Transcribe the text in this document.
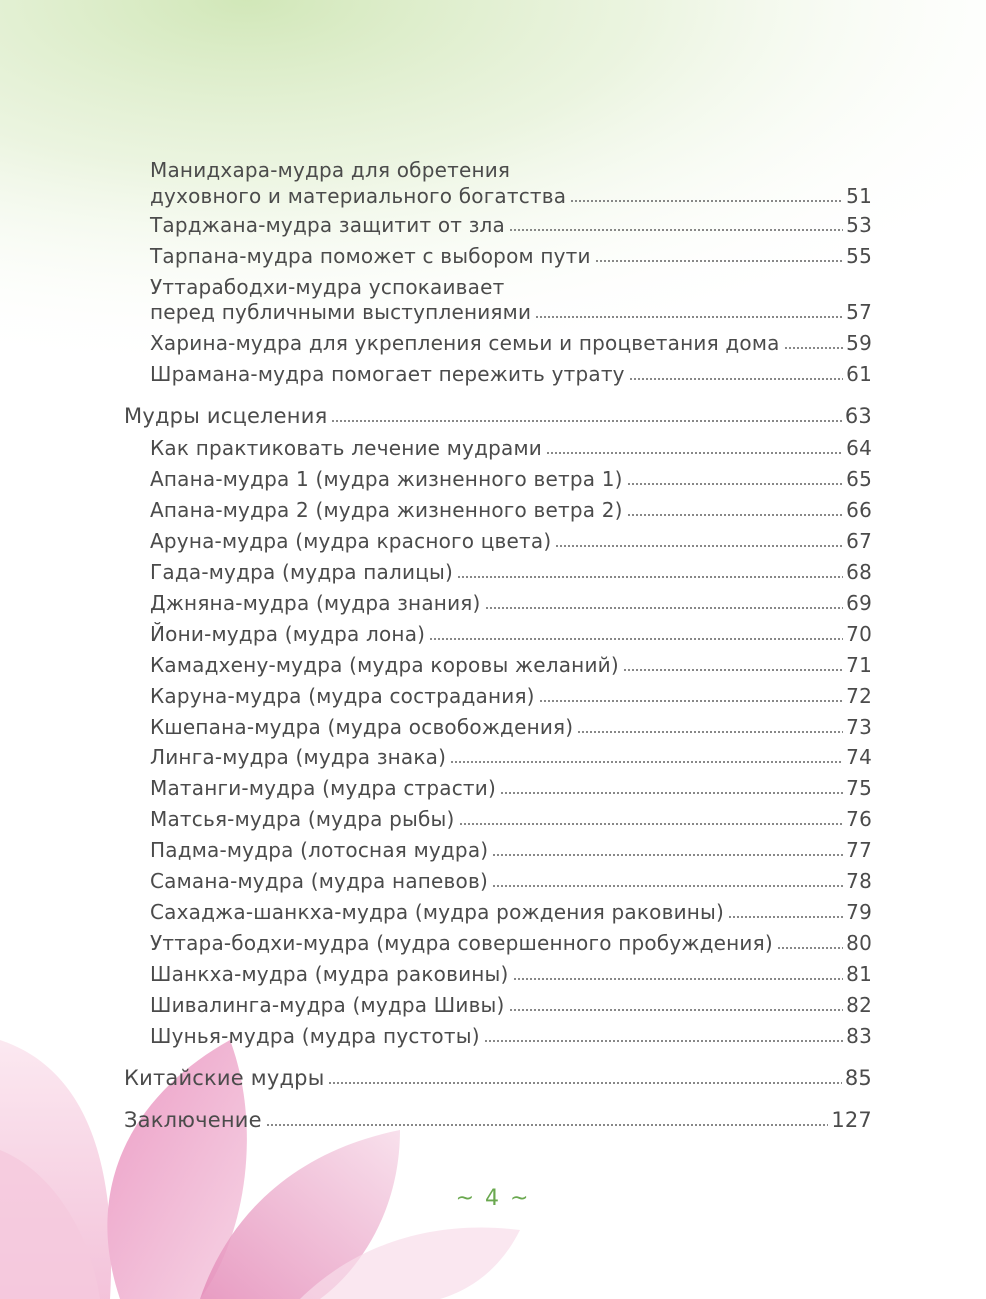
Манидхара-мудра для обретения
духовного и материального богатства	51
Тарджана-мудра защитит от зла	53
Тарпана-мудра поможет с выбором пути	55
Уттарабодхи-мудра успокаивает
перед публичными выступлениями	57
Харина-мудра для укрепления семьи и процветания дома	59
Шрамана-мудра помогает пережить утрату	61
Мудры исцеления	63
Как практиковать лечение мудрами	64
Апана-мудра 1 (мудра жизненного ветра 1)	65
Апана-мудра 2 (мудра жизненного ветра 2)	66
Аруна-мудра (мудра красного цвета)	67
Гада-мудра (мудра палицы)	68
Джняна-мудра (мудра знания)	69
Йони-мудра (мудра лона)	70
Камадхену-мудра (мудра коровы желаний)	71
Каруна-мудра (мудра сострадания)	72
Кшепана-мудра (мудра освобождения)	73
Линга-мудра (мудра знака)	74
Матанги-мудра (мудра страсти)	75
Матсья-мудра (мудра рыбы)	76
Падма-мудра (лотосная мудра)	77
Самана-мудра (мудра напевов)	78
Сахаджа-шанкха-мудра (мудра рождения раковины)	79
Уттара-бодхи-мудра (мудра совершенного пробуждения)	80
Шанкха-мудра (мудра раковины)	81
Шивалинга-мудра (мудра Шивы)	82
Шунья-мудра (мудра пустоты)	83
Китайские мудры	85
Заключение	127
~ 4 ~
